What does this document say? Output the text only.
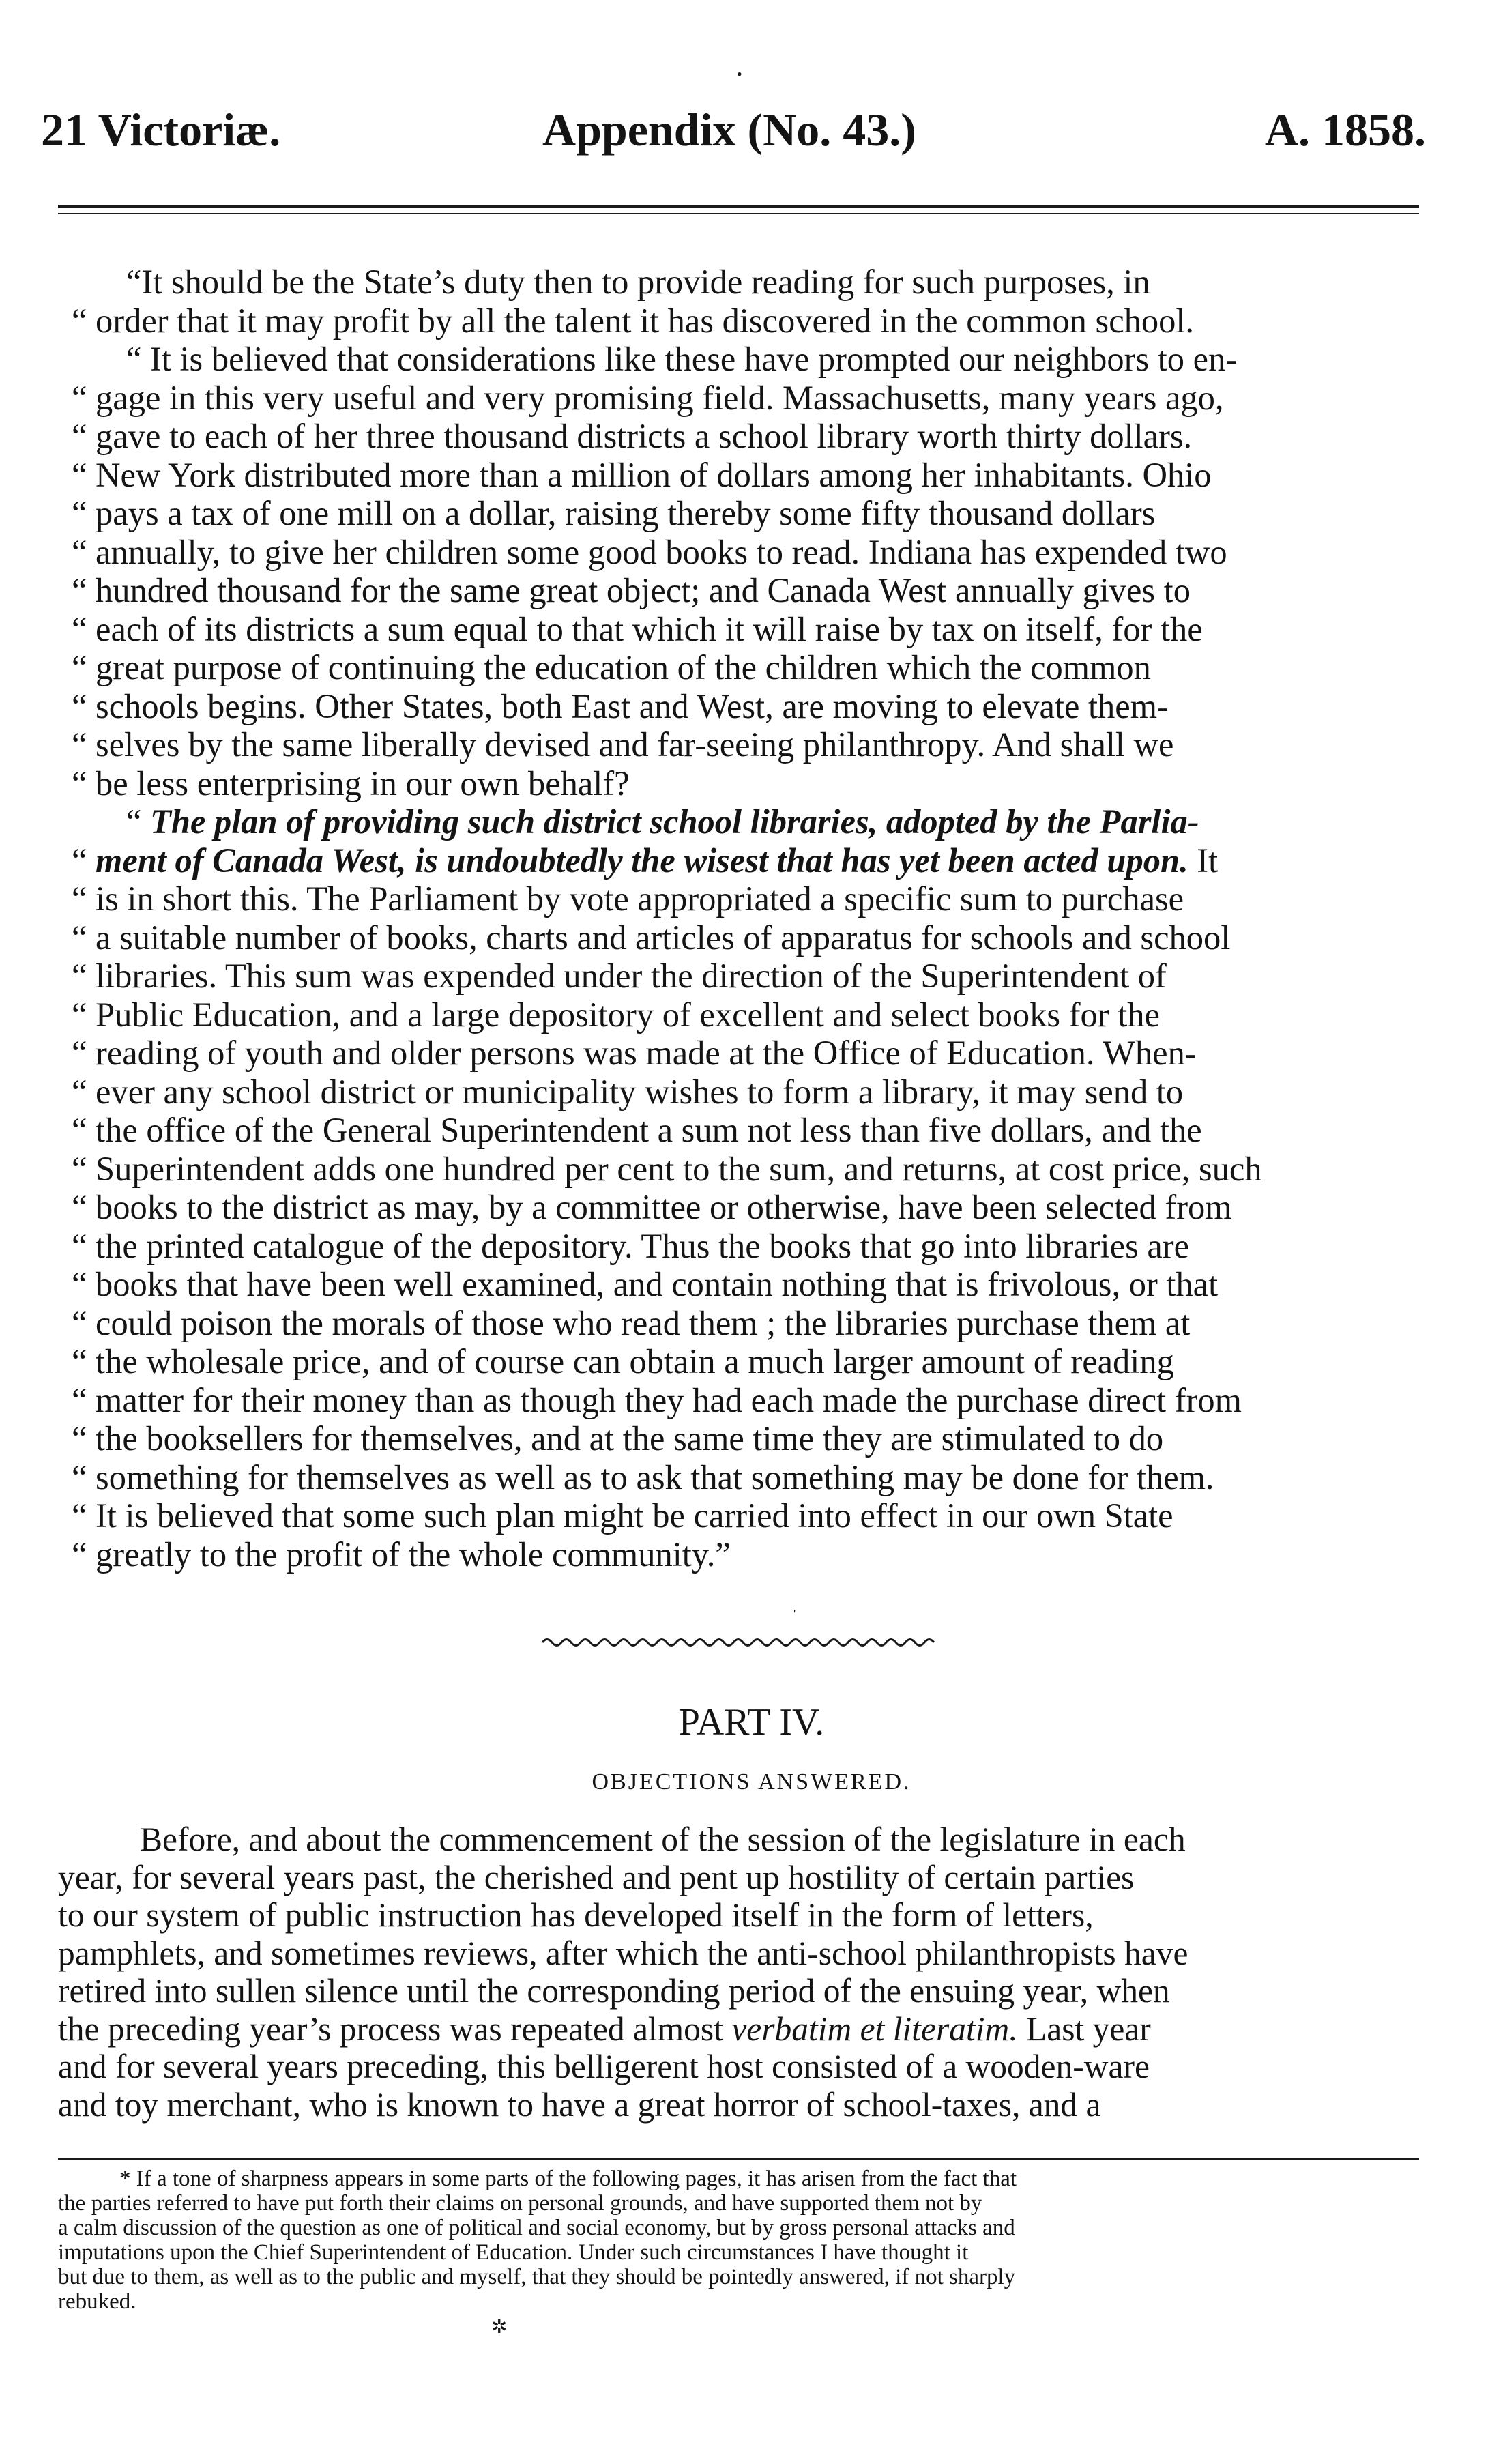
•
21 Victoriæ.	Appendix (No. 43.)	A. 1858.

“It should be the State’s duty then to provide reading for such purposes, in

“ order that it may profit by all the talent it has discovered in the common school.

“ It is believed that considerations like these have prompted our neighbors to en-

“ gage in this very useful and very promising field. Massachusetts, many years ago,

“ gave to each of her three thousand districts a school library worth thirty dollars.

“ New York distributed more than a million of dollars among her inhabitants. Ohio

“ pays a tax of one mill on a dollar, raising thereby some fifty thousand dollars

“ annually, to give her children some good books to read. Indiana has expended two

“ hundred thousand for the same great object; and Canada West annually gives to

“ each of its districts a sum equal to that which it will raise by tax on itself, for the

“ great purpose of continuing the education of the children which the common

“ schools begins. Other States, both East and West, are moving to elevate them-

“ selves by the same liberally devised and far-seeing philanthropy. And shall we

“ be less enterprising in our own behalf?

“ The plan of providing such district school libraries, adopted by the Parlia-

“ ment of Canada West, is undoubtedly the wisest that has yet been acted upon. It

“ is in short this. The Parliament by vote appropriated a specific sum to purchase

“ a suitable number of books, charts and articles of apparatus for schools and school

“ libraries. This sum was expended under the direction of the Superintendent of

“ Public Education, and a large depository of excellent and select books for the

“ reading of youth and older persons was made at the Office of Education. When-

“ ever any school district or municipality wishes to form a library, it may send to

“ the office of the General Superintendent a sum not less than five dollars, and the

“ Superintendent adds one hundred per cent to the sum, and returns, at cost price, such

“ books to the district as may, by a committee or otherwise, have been selected from

“ the printed catalogue of the depository. Thus the books that go into libraries are

“ books that have been well examined, and contain nothing that is frivolous, or that

“ could poison the morals of those who read them ; the libraries purchase them at

“ the wholesale price, and of course can obtain a much larger amount of reading

“ matter for their money than as though they had each made the purchase direct from

“ the booksellers for themselves, and at the same time they are stimulated to do

“ something for themselves as well as to ask that something may be done for them.

“ It is believed that some such plan might be carried into effect in our own State

“ greatly to the profit of the whole community.”

'
PART IV.
OBJECTIONS ANSWERED.

Before, and about the commencement of the session of the legislature in each

year, for several years past, the cherished and pent up hostility of certain parties

to our system of public instruction has developed itself in the form of letters,

pamphlets, and sometimes reviews, after which the anti-school philanthropists have

retired into sullen silence until the corresponding period of the ensuing year, when

the preceding year’s process was repeated almost verbatim et literatim. Last year

and for several years preceding, this belligerent host consisted of a wooden-ware

and toy merchant, who is known to have a great horror of school-taxes, and a

* If a tone of sharpness appears in some parts of the following pages, it has arisen from the fact that

the parties referred to have put forth their claims on personal grounds, and have supported them not by

a calm discussion of the question as one of political and social economy, but by gross personal attacks and

imputations upon the Chief Superintendent of Education. Under such circumstances I have thought it

but due to them, as well as to the public and myself, that they should be pointedly answered, if not sharply

rebuked.

✲
